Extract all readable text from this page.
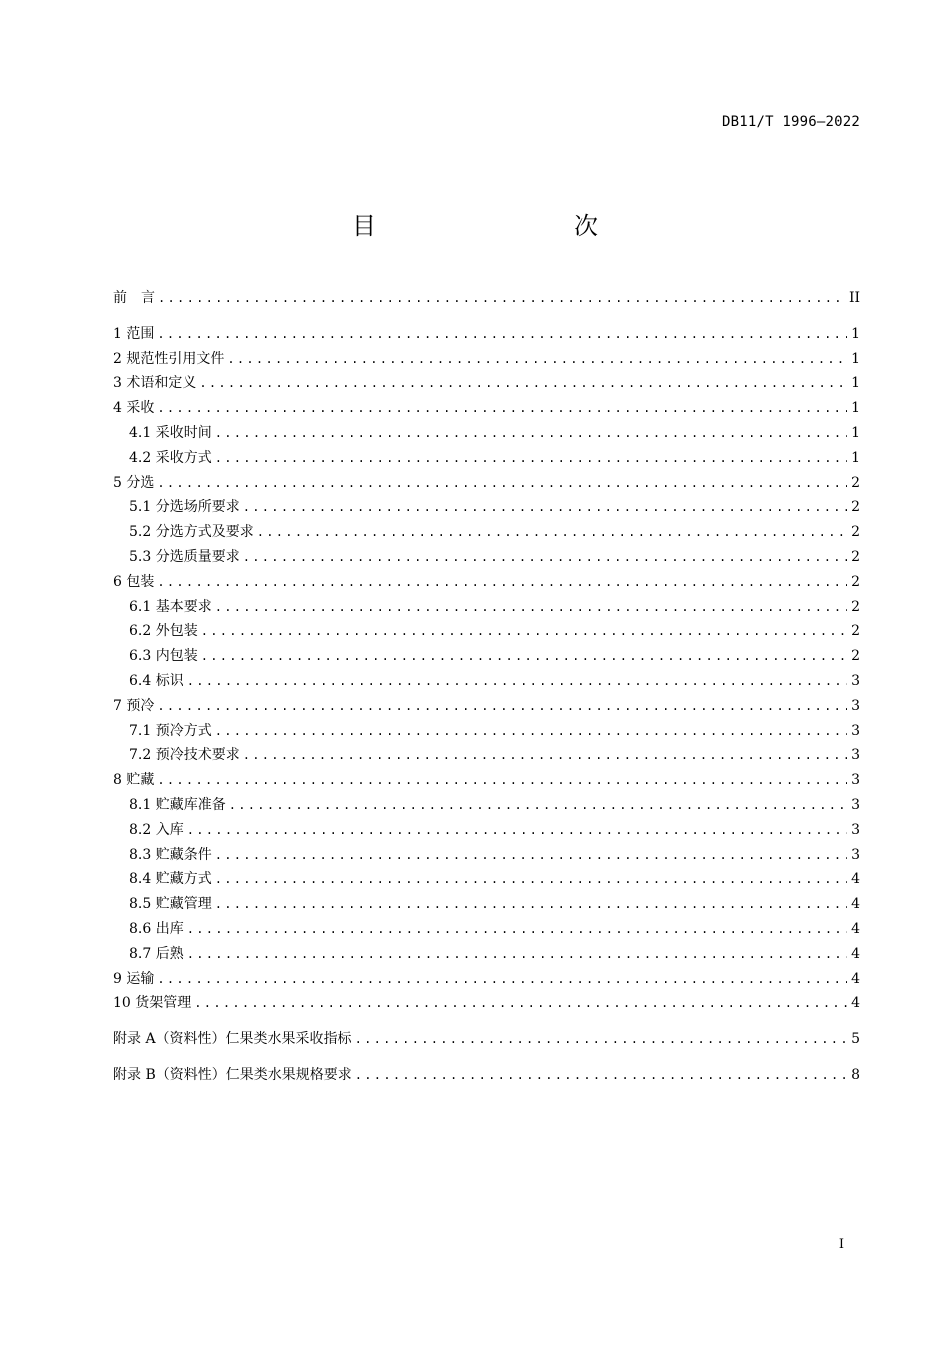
DB11/T 1996—2022
目　　次
前　言 .....	II
1 范围 .....	1
2 规范性引用文件 .....	1
3 术语和定义 .....	1
4 采收 .....	1
4.1 采收时间 .....	1
4.2 采收方式 .....	1
5 分选 .....	2
5.1 分选场所要求 .....	2
5.2 分选方式及要求 .....	2
5.3 分选质量要求 .....	2
6 包装 .....	2
6.1 基本要求 .....	2
6.2 外包装 .....	2
6.3 内包装 .....	2
6.4 标识 .....	3
7 预冷 .....	3
7.1 预冷方式 .....	3
7.2 预冷技术要求 .....	3
8 贮藏 .....	3
8.1 贮藏库准备 .....	3
8.2 入库 .....	3
8.3 贮藏条件 .....	3
8.4 贮藏方式 .....	4
8.5 贮藏管理 .....	4
8.6 出库 .....	4
8.7 后熟 .....	4
9 运输 .....	4
10 货架管理 .....	4
附录 A（资料性）仁果类水果采收指标 .....	5
附录 B（资料性）仁果类水果规格要求 .....	8
I
